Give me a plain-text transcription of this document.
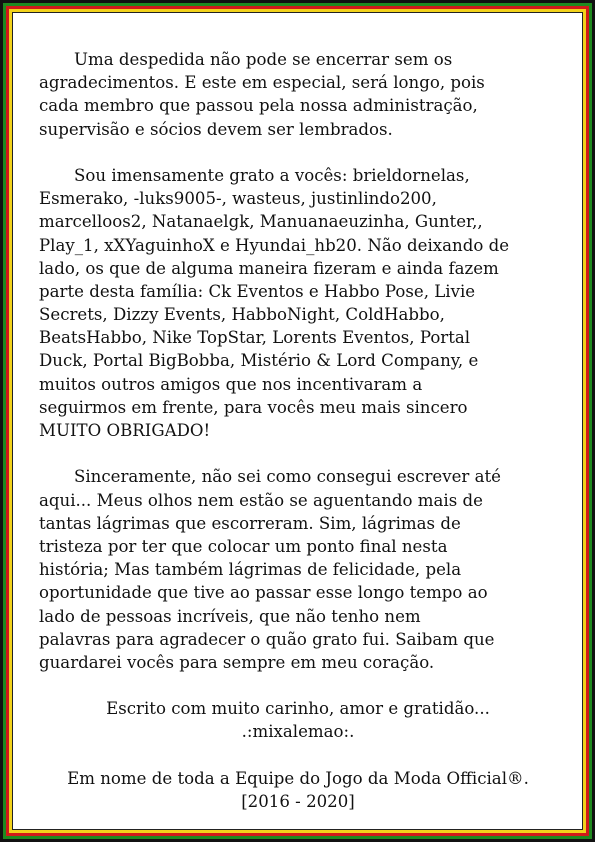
Uma despedida não pode se encerrar sem os
agradecimentos. E este em especial, será longo, pois
cada membro que passou pela nossa administração,
supervisão e sócios devem ser lembrados.
Sou imensamente grato a vocês: brieldornelas,
Esmerako, -luks9005-, wasteus, justinlindo200,
marcelloos2, Natanaelgk, Manuanaeuzinha, Gunter,,
Play_1, xXYaguinhoX e Hyundai_hb20. Não deixando de
lado, os que de alguma maneira fizeram e ainda fazem
parte desta família: Ck Eventos e Habbo Pose, Livie
Secrets, Dizzy Events, HabboNight, ColdHabbo,
BeatsHabbo, Nike TopStar, Lorents Eventos, Portal
Duck, Portal BigBobba, Mistério & Lord Company, e
muitos outros amigos que nos incentivaram a
seguirmos em frente, para vocês meu mais sincero
MUITO OBRIGADO!
Sinceramente, não sei como consegui escrever até
aqui... Meus olhos nem estão se aguentando mais de
tantas lágrimas que escorreram. Sim, lágrimas de
tristeza por ter que colocar um ponto final nesta
história; Mas também lágrimas de felicidade, pela
oportunidade que tive ao passar esse longo tempo ao
lado de pessoas incríveis, que não tenho nem
palavras para agradecer o quão grato fui. Saibam que
guardarei vocês para sempre em meu coração.
Escrito com muito carinho, amor e gratidão...
.:mixalemao:.
Em nome de toda a Equipe do Jogo da Moda Official®.
[2016 - 2020]
